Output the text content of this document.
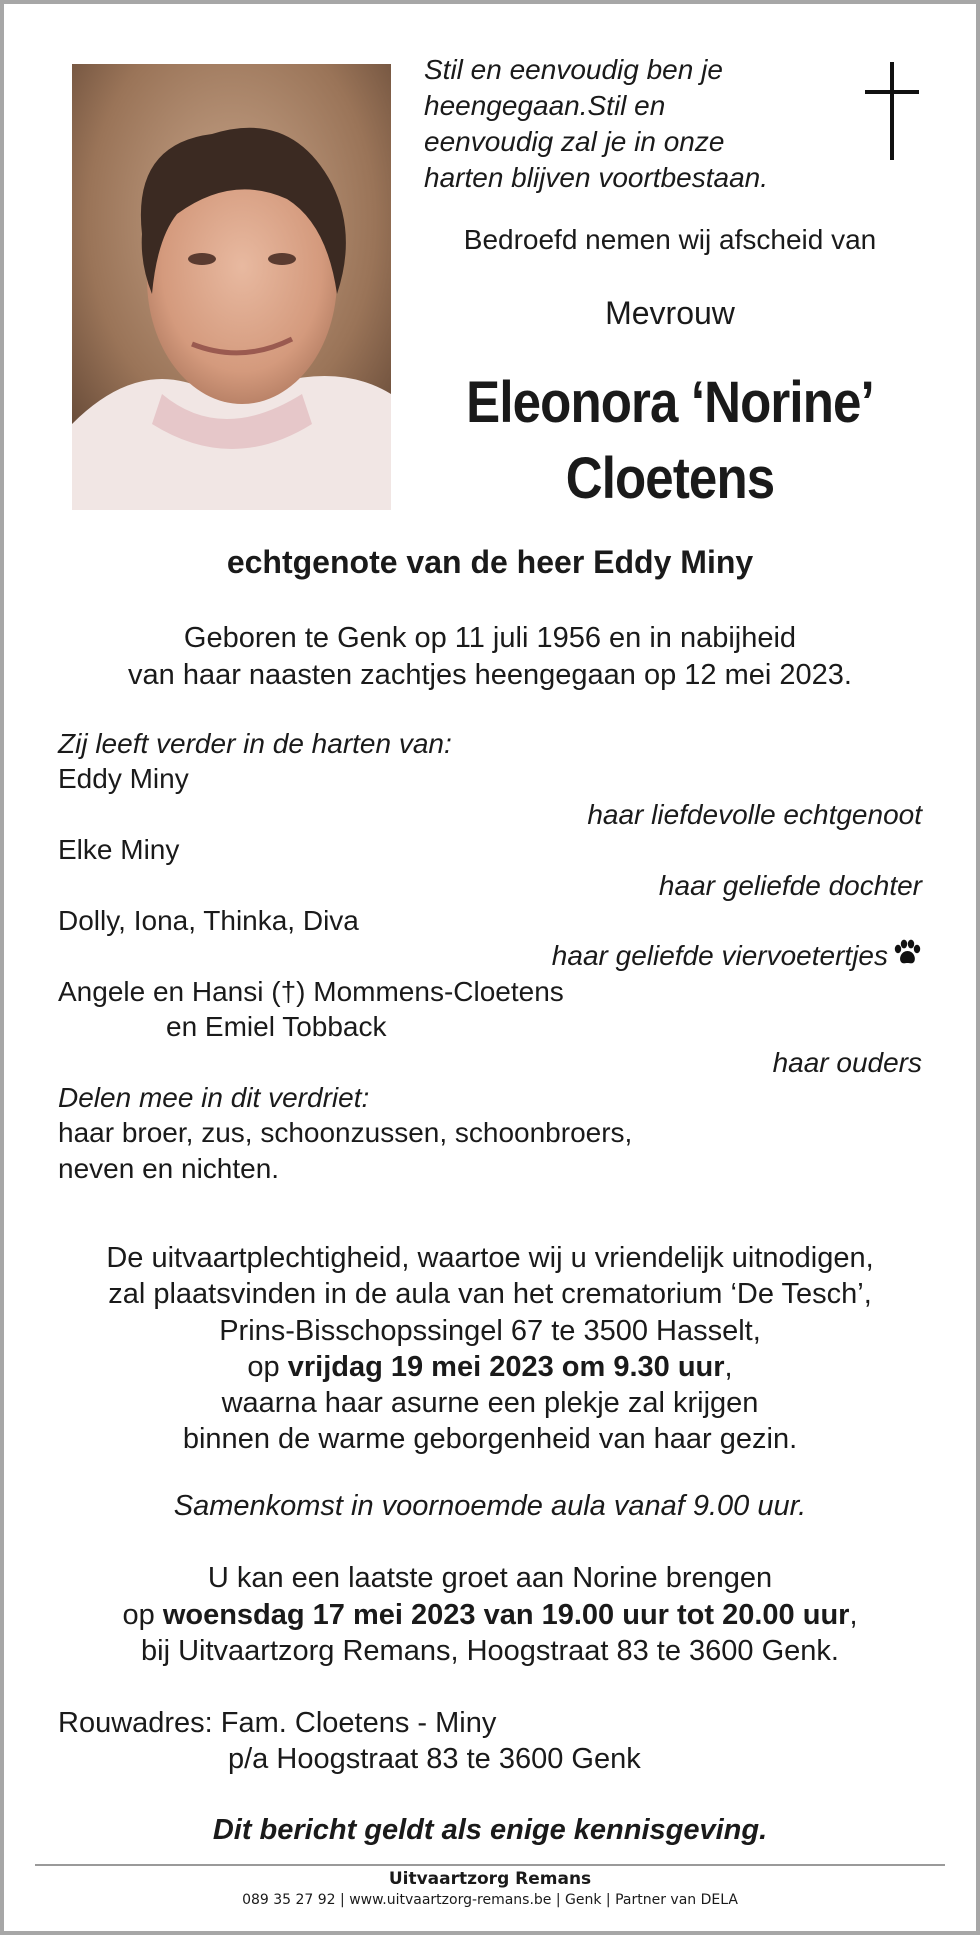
Stil en eenvoudig ben je
heengegaan.Stil en
eenvoudig zal je in onze
harten blijven voortbestaan.

Bedroefd nemen wij afscheid van
Mevrouw
Eleonora ‘Norine’
Cloetens
echtgenote van de heer Eddy Miny
Geboren te Genk op 11 juli 1956 en in nabijheid
van haar naasten zachtjes heengegaan op 12 mei 2023.
Zij leeft verder in de harten van:
Eddy Miny
haar liefdevolle echtgenoot
Elke Miny
haar geliefde dochter
Dolly, Iona, Thinka, Diva
haar geliefde viervoetertjes
Angele en Hansi (†) Mommens-Cloetens
en Emiel Tobback
haar ouders
Delen mee in dit verdriet:
haar broer, zus, schoonzussen, schoonbroers,
neven en nichten.
De uitvaartplechtigheid, waartoe wij u vriendelijk uitnodigen,
zal plaatsvinden in de aula van het crematorium ‘De Tesch’,
Prins-Bisschopssingel 67 te 3500 Hasselt,
op vrijdag 19 mei 2023 om 9.30 uur,
waarna haar asurne een plekje zal krijgen
binnen de warme geborgenheid van haar gezin.
Samenkomst in voornoemde aula vanaf 9.00 uur.
U kan een laatste groet aan Norine brengen
op woensdag 17 mei 2023 van 19.00 uur tot 20.00 uur,
bij Uitvaartzorg Remans, Hoogstraat 83 te 3600 Genk.
Rouwadres: Fam. Cloetens - Miny
p/a Hoogstraat 83 te 3600 Genk
Dit bericht geldt als enige kennisgeving.
Uitvaartzorg Remans
089 35 27 92 | www.uitvaartzorg-remans.be | Genk | Partner van DELA
